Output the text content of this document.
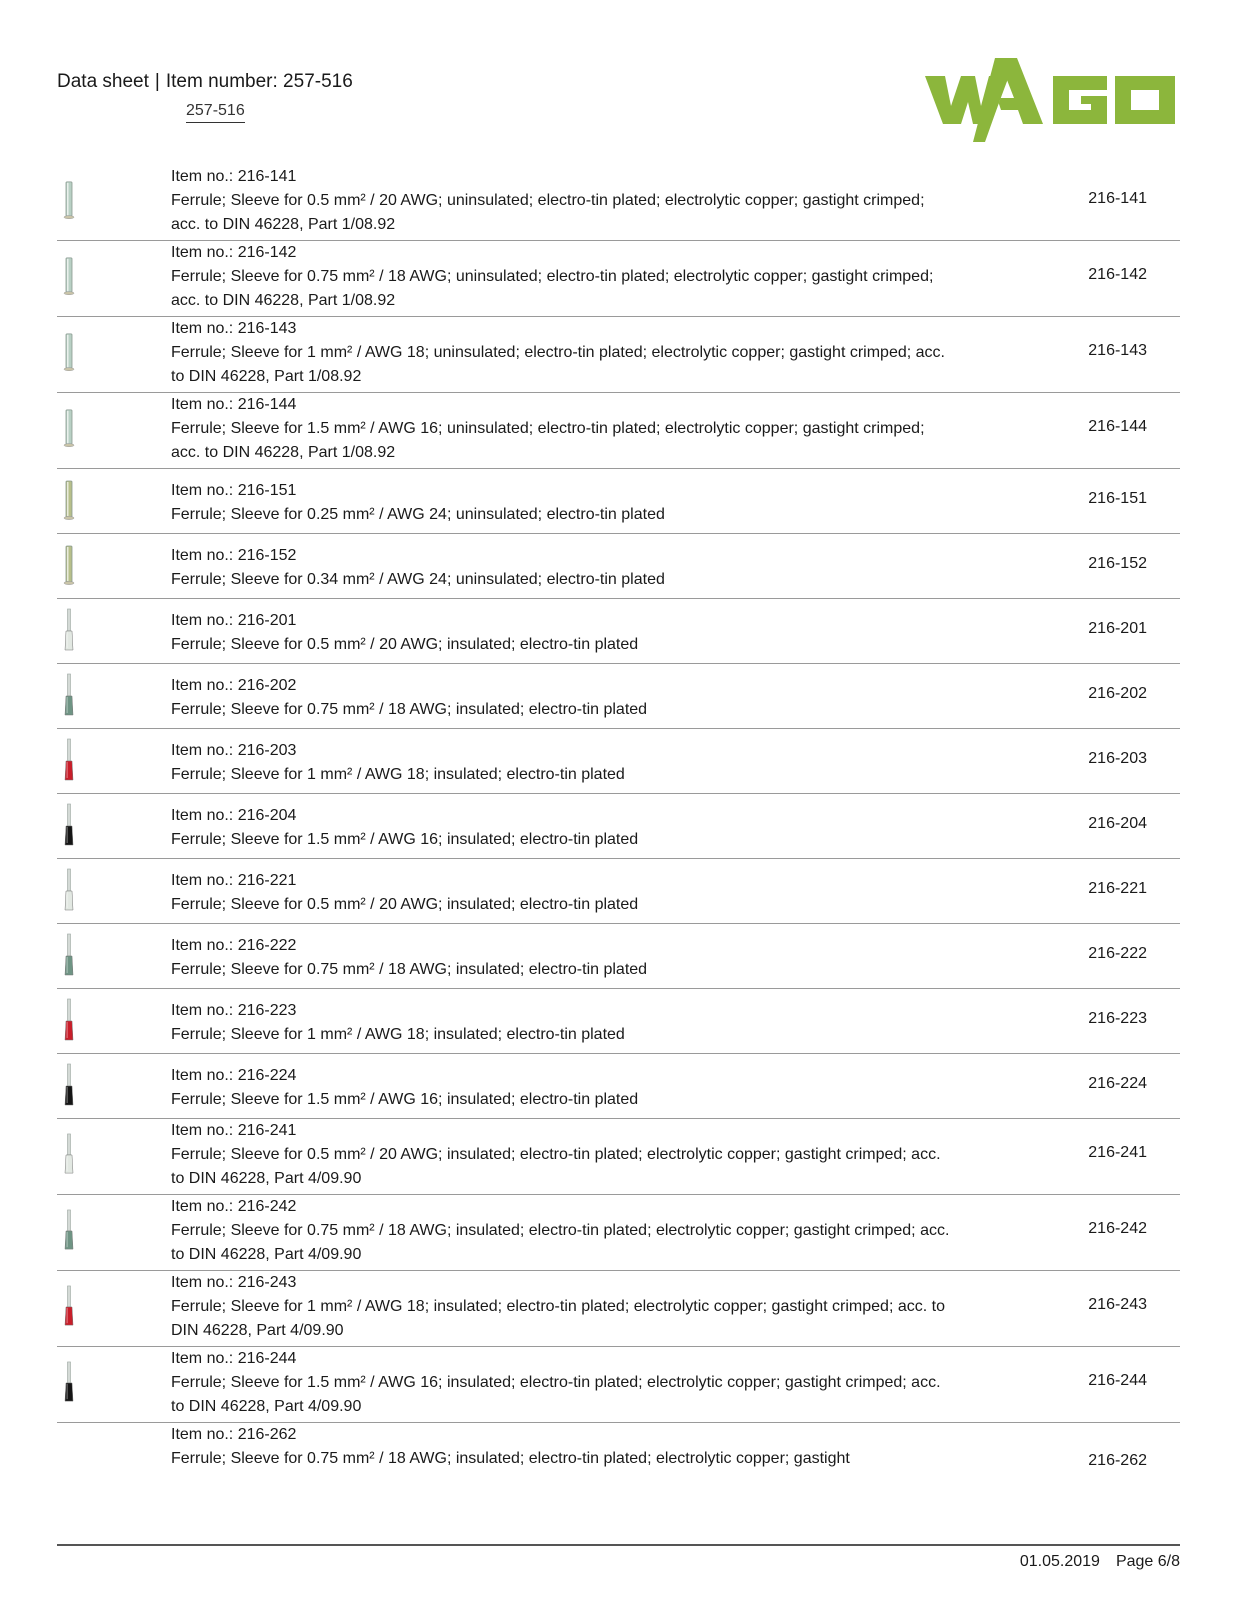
Data sheet | Item number: 257-516
257-516
Item no.: 216-141
Ferrule; Sleeve for 0.5 mm² / 20 AWG; uninsulated; electro-tin plated; electrolytic copper; gastight crimped; acc. to DIN 46228, Part 1/08.92
216-141
Item no.: 216-142
Ferrule; Sleeve for 0.75 mm² / 18 AWG; uninsulated; electro-tin plated; electrolytic copper; gastight crimped; acc. to DIN 46228, Part 1/08.92
216-142
Item no.: 216-143
Ferrule; Sleeve for 1 mm² / AWG 18; uninsulated; electro-tin plated; electrolytic copper; gastight crimped; acc. to DIN 46228, Part 1/08.92
216-143
Item no.: 216-144
Ferrule; Sleeve for 1.5 mm² / AWG 16; uninsulated; electro-tin plated; electrolytic copper; gastight crimped; acc. to DIN 46228, Part 1/08.92
216-144
Item no.: 216-151
Ferrule; Sleeve for 0.25 mm² / AWG 24; uninsulated; electro-tin plated
216-151
Item no.: 216-152
Ferrule; Sleeve for 0.34 mm² / AWG 24; uninsulated; electro-tin plated
216-152
Item no.: 216-201
Ferrule; Sleeve for 0.5 mm² / 20 AWG; insulated; electro-tin plated
216-201
Item no.: 216-202
Ferrule; Sleeve for 0.75 mm² / 18 AWG; insulated; electro-tin plated
216-202
Item no.: 216-203
Ferrule; Sleeve for 1 mm² / AWG 18; insulated; electro-tin plated
216-203
Item no.: 216-204
Ferrule; Sleeve for 1.5 mm² / AWG 16; insulated; electro-tin plated
216-204
Item no.: 216-221
Ferrule; Sleeve for 0.5 mm² / 20 AWG; insulated; electro-tin plated
216-221
Item no.: 216-222
Ferrule; Sleeve for 0.75 mm² / 18 AWG; insulated; electro-tin plated
216-222
Item no.: 216-223
Ferrule; Sleeve for 1 mm² / AWG 18; insulated; electro-tin plated
216-223
Item no.: 216-224
Ferrule; Sleeve for 1.5 mm² / AWG 16; insulated; electro-tin plated
216-224
Item no.: 216-241
Ferrule; Sleeve for 0.5 mm² / 20 AWG; insulated; electro-tin plated; electrolytic copper; gastight crimped; acc. to DIN 46228, Part 4/09.90
216-241
Item no.: 216-242
Ferrule; Sleeve for 0.75 mm² / 18 AWG; insulated; electro-tin plated; electrolytic copper; gastight crimped; acc. to DIN 46228, Part 4/09.90
216-242
Item no.: 216-243
Ferrule; Sleeve for 1 mm² / AWG 18; insulated; electro-tin plated; electrolytic copper; gastight crimped; acc. to DIN 46228, Part 4/09.90
216-243
Item no.: 216-244
Ferrule; Sleeve for 1.5 mm² / AWG 16; insulated; electro-tin plated; electrolytic copper; gastight crimped; acc. to DIN 46228, Part 4/09.90
216-244
Item no.: 216-262
Ferrule; Sleeve for 0.75 mm² / 18 AWG; insulated; electro-tin plated; electrolytic copper; gastight	216-262
01.05.2019 Page 6/8
